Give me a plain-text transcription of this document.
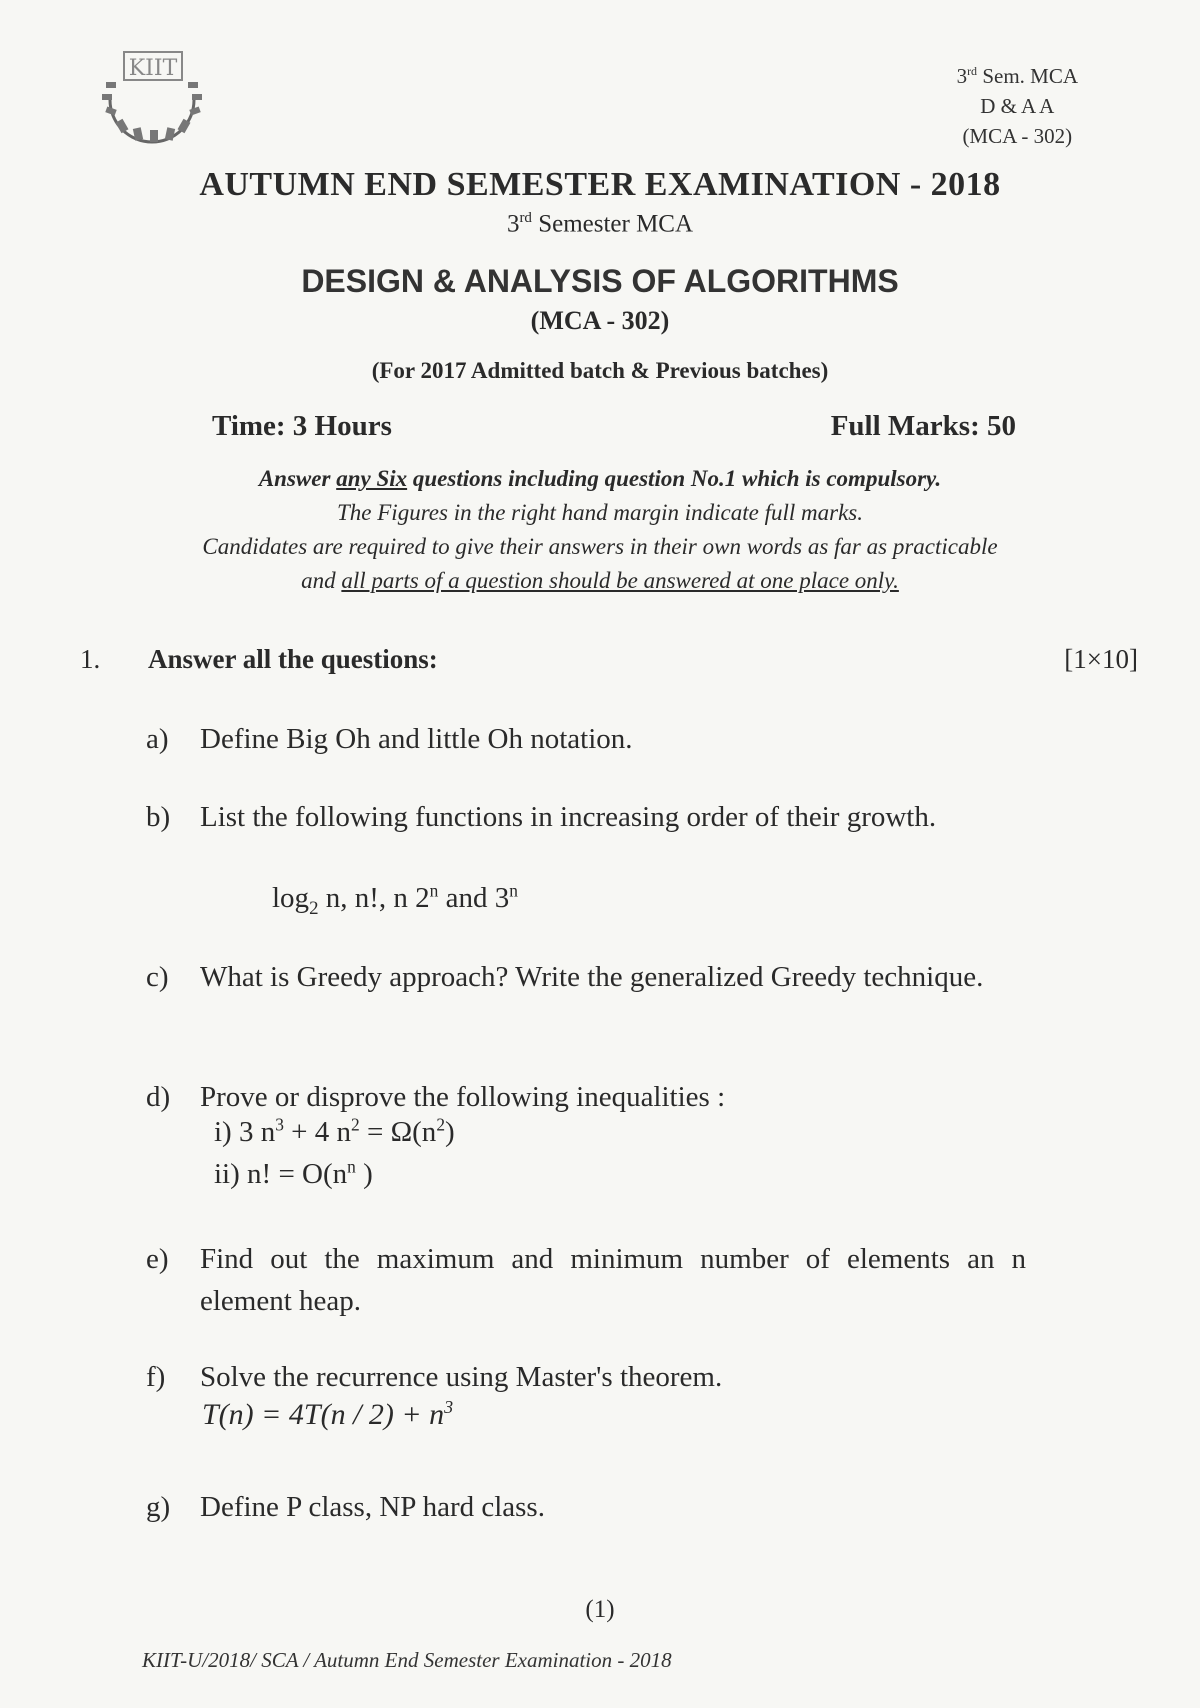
KIIT	3rd Sem. MCA
D & A A
(MCA - 302)
AUTUMN END SEMESTER EXAMINATION - 2018
3rd Semester MCA
DESIGN & ANALYSIS OF ALGORITHMS
(MCA - 302)
(For 2017 Admitted batch & Previous batches)
Time: 3 Hours	Full Marks: 50
Answer any Six questions including question No.1 which is compulsory.
The Figures in the right hand margin indicate full marks.
Candidates are required to give their answers in their own words as far as practicable
and all parts of a question should be answered at one place only.
1. Answer all the questions:	[1×10]
a) Define Big Oh and little Oh notation.
b) List the following functions in increasing order of their growth.
$\log_2 n$, n!, n 2$^n$ and 3$^n$
c) What is Greedy approach? Write the generalized Greedy technique.
d) Prove or disprove the following inequalities :
i) 3 $n^3 + 4$ $n^2 = \Omega(n^2)$
ii) n! = $O(n^n$ )
e) Find out the maximum and minimum number of elements an n element heap.
f) Solve the recurrence using Master's theorem.
$T(n) = 4T(n / 2) + n^3$
g) Define P class, NP hard class.
(1)
KIIT-U/2018/ SCA / Autumn End Semester Examination - 2018
